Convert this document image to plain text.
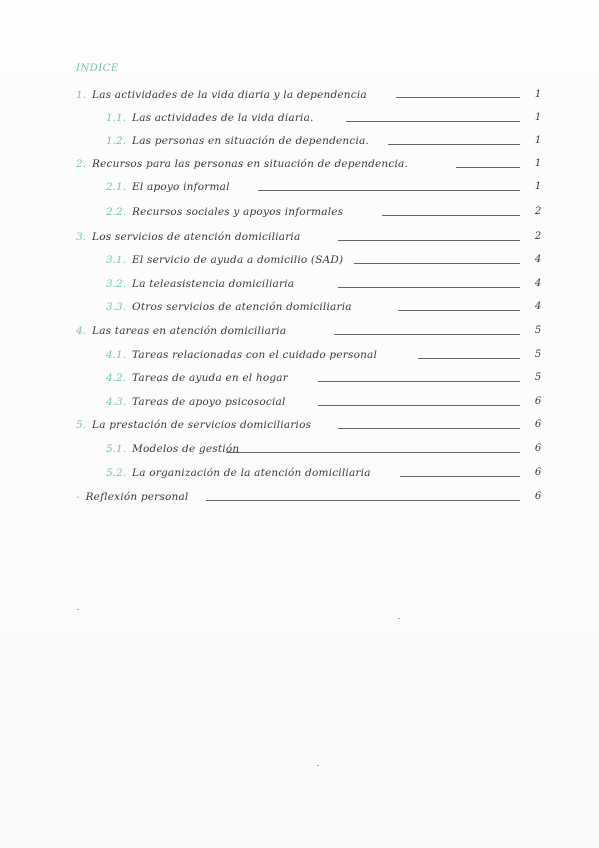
INDICE
1. Las actividades de la vida diaria y la dependencia	1
1.1. Las actividades de la vida diaria.	1
1.2. Las personas en situación de dependencia.	1
2. Recursos para las personas en situación de dependencia.	1
2.1. El apoyo informal	1
2.2. Recursos sociales y apoyos informales	2
3. Los servicios de atención domiciliaria	2
3.1. El servicio de ayuda a domicilio (SAD)	4
3.2. La teleasistencia domiciliaria	4
3.3. Otros servicios de atención domiciliaria	4
4. Las tareas en atención domiciliaria	5
4.1. Tareas relacionadas con el cuidado personal	5
4.2. Tareas de ayuda en el hogar	5
4.3. Tareas de apoyo psicosocial	6
5. La prestación de servicios domiciliarios	6
5.1. Modelos de gestión	6
5.2. La organización de la atención domiciliaria	6
- Reflexión personal	6
